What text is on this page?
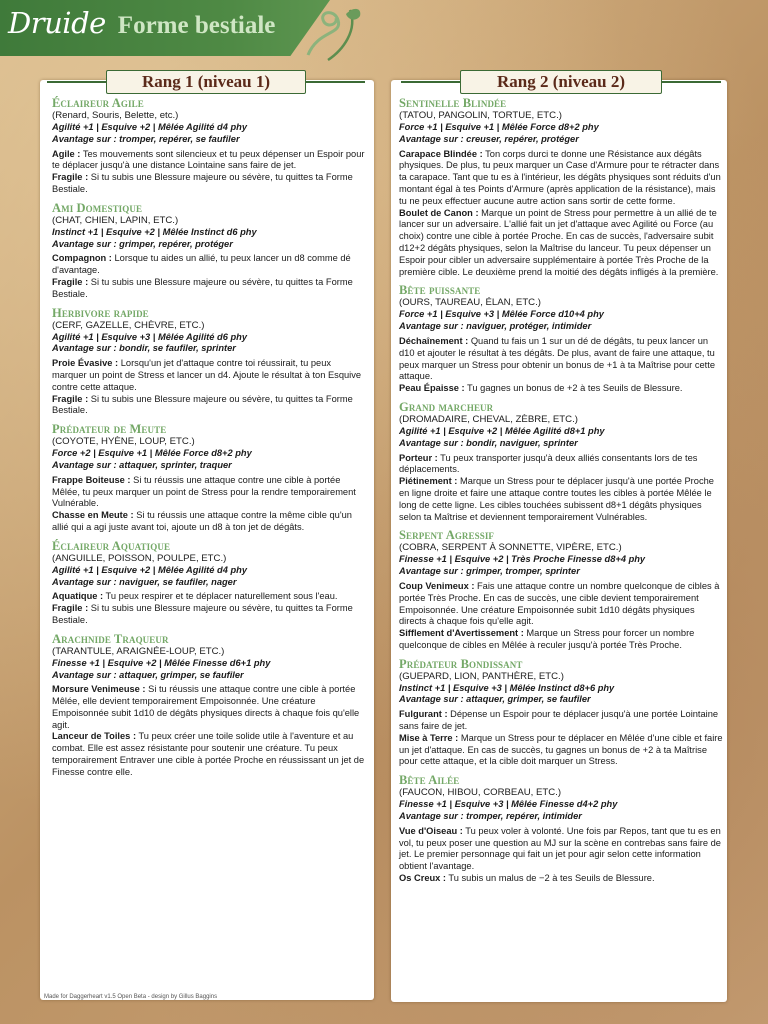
Druide Forme bestiale
Rang 1 (niveau 1)	Rang 2 (niveau 2)
Éclaireur Agile
(Renard, Souris, Belette, etc.)
Agilité +1 | Esquive +2 | Mêlée Agilité d4 phy
Avantage sur : tromper, repérer, se faufiler
Agile : Tes mouvements sont silencieux et tu peux dépenser un Espoir pour te déplacer jusqu'à une distance Lointaine sans faire de jet.
Fragile : Si tu subis une Blessure majeure ou sévère, tu quittes ta Forme Bestiale.
Ami Domestique
(CHAT, CHIEN, LAPIN, ETC.)
Instinct +1 | Esquive +2 | Mêlée Instinct d6 phy
Avantage sur : grimper, repérer, protéger
Compagnon : Lorsque tu aides un allié, tu peux lancer un d8 comme dé d'avantage.
Fragile : Si tu subis une Blessure majeure ou sévère, tu quittes ta Forme Bestiale.
Herbivore rapide
(CERF, GAZELLE, CHÈVRE, ETC.)
Agilité +1 | Esquive +3 | Mêlée Agilité d6 phy
Avantage sur : bondir, se faufiler, sprinter
Proie Évasive : Lorsqu'un jet d'attaque contre toi réussirait, tu peux marquer un point de Stress et lancer un d4. Ajoute le résultat à ton Esquive contre cette attaque.
Fragile : Si tu subis une Blessure majeure ou sévère, tu quittes ta Forme Bestiale.
Prédateur de Meute
(COYOTE, HYÈNE, LOUP, ETC.)
Force +2 | Esquive +1 | Mêlée Force d8+2 phy
Avantage sur : attaquer, sprinter, traquer
Frappe Boiteuse : Si tu réussis une attaque contre une cible à portée Mêlée, tu peux marquer un point de Stress pour la rendre temporairement Vulnérable.
Chasse en Meute : Si tu réussis une attaque contre la même cible qu'un allié qui a agi juste avant toi, ajoute un d8 à ton jet de dégâts.
Éclaireur Aquatique
(ANGUILLE, POISSON, POULPE, ETC.)
Agilité +1 | Esquive +2 | Mêlée Agilité d4 phy
Avantage sur : naviguer, se faufiler, nager
Aquatique : Tu peux respirer et te déplacer naturellement sous l'eau.
Fragile : Si tu subis une Blessure majeure ou sévère, tu quittes ta Forme Bestiale.
Arachnide Traqueur
(TARANTULE, ARAIGNÉE-LOUP, ETC.)
Finesse +1 | Esquive +2 | Mêlée Finesse d6+1 phy
Avantage sur : attaquer, grimper, se faufiler
Morsure Venimeuse : Si tu réussis une attaque contre une cible à portée Mêlée, elle devient temporairement Empoisonnée. Une créature Empoisonnée subit 1d10 de dégâts physiques directs à chaque fois qu'elle agit.
Lanceur de Toiles : Tu peux créer une toile solide utile à l'aventure et au combat. Elle est assez résistante pour soutenir une créature. Tu peux temporairement Entraver une cible à portée Proche en réussissant un jet de Finesse contre elle.
Sentinelle Blindée
(TATOU, PANGOLIN, TORTUE, ETC.)
Force +1 | Esquive +1 | Mêlée Force d8+2 phy
Avantage sur : creuser, repérer, protéger
Carapace Blindée : Ton corps durci te donne une Résistance aux dégâts physiques. De plus, tu peux marquer un Case d'Armure pour te rétracter dans ta carapace. Tant que tu es à l'intérieur, les dégâts physiques sont réduits d'un montant égal à tes Points d'Armure (après application de la résistance), mais tu ne peux effectuer aucune autre action sans sortir de cette forme.
Boulet de Canon : Marque un point de Stress pour permettre à un allié de te lancer sur un adversaire. L'allié fait un jet d'attaque avec Agilité ou Force (au choix) contre une cible à portée Proche. En cas de succès, l'adversaire subit d12+2 dégâts physiques, selon la Maîtrise du lanceur. Tu peux dépenser un Espoir pour cibler un adversaire supplémentaire à portée Très Proche de la première cible. Le deuxième prend la moitié des dégâts infligés à la première.
Bête puissante
(OURS, TAUREAU, ÉLAN, ETC.)
Force +1 | Esquive +3 | Mêlée Force d10+4 phy
Avantage sur : naviguer, protéger, intimider
Déchaînement : Quand tu fais un 1 sur un dé de dégâts, tu peux lancer un d10 et ajouter le résultat à tes dégâts. De plus, avant de faire une attaque, tu peux marquer un Stress pour obtenir un bonus de +1 à ta Maîtrise pour cette attaque.
Peau Épaisse : Tu gagnes un bonus de +2 à tes Seuils de Blessure.
Grand marcheur
(DROMADAIRE, CHEVAL, ZÈBRE, ETC.)
Agilité +1 | Esquive +2 | Mêlée Agilité d8+1 phy
Avantage sur : bondir, naviguer, sprinter
Porteur : Tu peux transporter jusqu'à deux alliés consentants lors de tes déplacements.
Piétinement : Marque un Stress pour te déplacer jusqu'à une portée Proche en ligne droite et faire une attaque contre toutes les cibles à portée Mêlée le long de cette ligne. Les cibles touchées subissent d8+1 dégâts physiques selon ta Maîtrise et deviennent temporairement Vulnérables.
Serpent Agressif
(COBRA, SERPENT À SONNETTE, VIPÈRE, ETC.)
Finesse +1 | Esquive +2 | Très Proche Finesse d8+4 phy
Avantage sur : grimper, tromper, sprinter
Coup Venimeux : Fais une attaque contre un nombre quelconque de cibles à portée Très Proche. En cas de succès, une cible devient temporairement Empoisonnée. Une créature Empoisonnée subit 1d10 dégâts physiques directs à chaque fois qu'elle agit.
Sifflement d'Avertissement : Marque un Stress pour forcer un nombre quelconque de cibles en Mêlée à reculer jusqu'à portée Très Proche.
Prédateur Bondissant
(GUEPARD, LION, PANTHÈRE, ETC.)
Instinct +1 | Esquive +3 | Mêlée Instinct d8+6 phy
Avantage sur : attaquer, grimper, se faufiler
Fulgurant : Dépense un Espoir pour te déplacer jusqu'à une portée Lointaine sans faire de jet.
Mise à Terre : Marque un Stress pour te déplacer en Mêlée d'une cible et faire un jet d'attaque. En cas de succès, tu gagnes un bonus de +2 à ta Maîtrise pour cette attaque, et la cible doit marquer un Stress.
Bête Ailée
(FAUCON, HIBOU, CORBEAU, ETC.)
Finesse +1 | Esquive +3 | Mêlée Finesse d4+2 phy
Avantage sur : tromper, repérer, intimider
Vue d'Oiseau : Tu peux voler à volonté. Une fois par Repos, tant que tu es en vol, tu peux poser une question au MJ sur la scène en contrebas sans faire de jet. Le premier personnage qui fait un jet pour agir selon cette information obtient l'avantage.
Os Creux : Tu subis un malus de −2 à tes Seuils de Blessure.
Made for Daggerheart v1.5 Open Beta - design by Gillus Baggins
